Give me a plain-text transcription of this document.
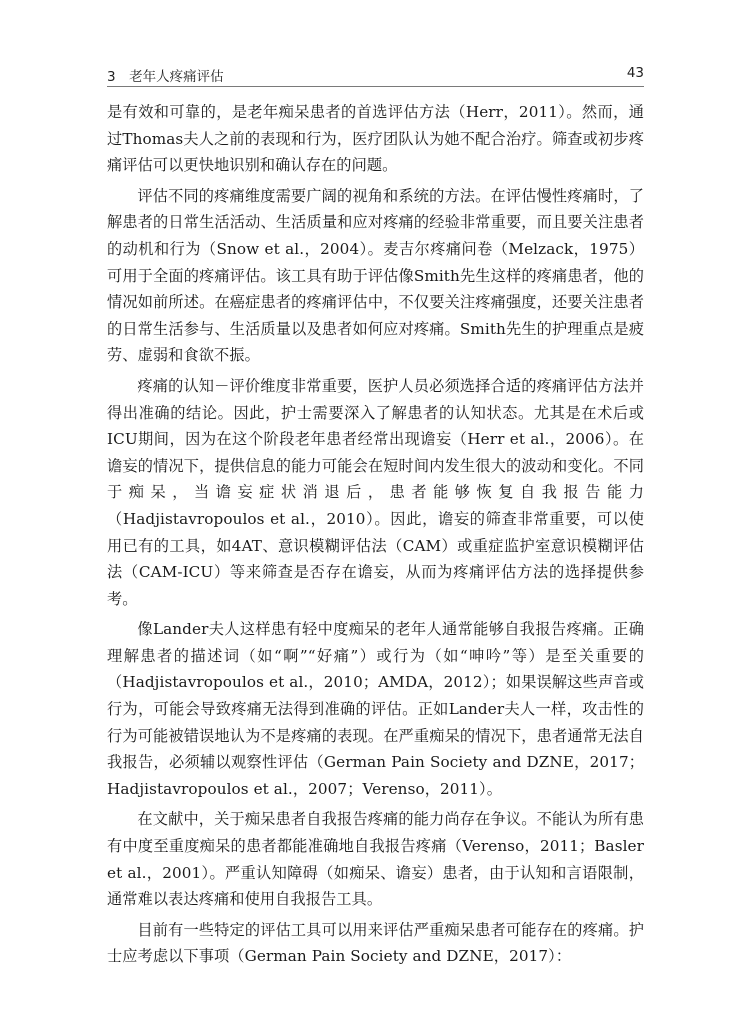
3　老年人疼痛评估	43

是有效和可靠的，是老年痴呆患者的首选评估方法（Herr，2011）。然而，通过Thomas夫人之前的表现和行为，医疗团队认为她不配合治疗。筛查或初步疼痛评估可以更快地识别和确认存在的问题。

评估不同的疼痛维度需要广阔的视角和系统的方法。在评估慢性疼痛时，了解患者的日常生活活动、生活质量和应对疼痛的经验非常重要，而且要关注患者的动机和行为（Snow et al.，2004）。麦吉尔疼痛问卷（Melzack，1975）可用于全面的疼痛评估。该工具有助于评估像Smith先生这样的疼痛患者，他的情况如前所述。在癌症患者的疼痛评估中，不仅要关注疼痛强度，还要关注患者的日常生活参与、生活质量以及患者如何应对疼痛。Smith先生的护理重点是疲劳、虚弱和食欲不振。

疼痛的认知－评价维度非常重要，医护人员必须选择合适的疼痛评估方法并得出准确的结论。因此，护士需要深入了解患者的认知状态。尤其是在术后或ICU期间，因为在这个阶段老年患者经常出现谵妄（Herr et al.，2006）。在谵妄的情况下，提供信息的能力可能会在短时间内发生很大的波动和变化。不同于痴呆，当谵妄症状消退后，患者能够恢复自我报告能力（Hadjistavropoulos et al.，2010）。因此，谵妄的筛查非常重要，可以使用已有的工具，如4AT、意识模糊评估法（CAM）或重症监护室意识模糊评估法（CAM-ICU）等来筛查是否存在谵妄，从而为疼痛评估方法的选择提供参考。

像Lander夫人这样患有轻中度痴呆的老年人通常能够自我报告疼痛。正确理解患者的描述词（如“啊”“好痛”）或行为（如“呻吟”等）是至关重要的（Hadjistavropoulos et al.，2010；AMDA，2012）；如果误解这些声音或行为，可能会导致疼痛无法得到准确的评估。正如Lander夫人一样，攻击性的行为可能被错误地认为不是疼痛的表现。在严重痴呆的情况下，患者通常无法自我报告，必须辅以观察性评估（German Pain Society and DZNE，2017；Hadjistavropoulos et al.，2007；Verenso，2011）。

在文献中，关于痴呆患者自我报告疼痛的能力尚存在争议。不能认为所有患有中度至重度痴呆的患者都能准确地自我报告疼痛（Verenso，2011；Basler et al.，2001）。严重认知障碍（如痴呆、谵妄）患者，由于认知和言语限制，通常难以表达疼痛和使用自我报告工具。

目前有一些特定的评估工具可以用来评估严重痴呆患者可能存在的疼痛。护士应考虑以下事项（German Pain Society and DZNE，2017）：
